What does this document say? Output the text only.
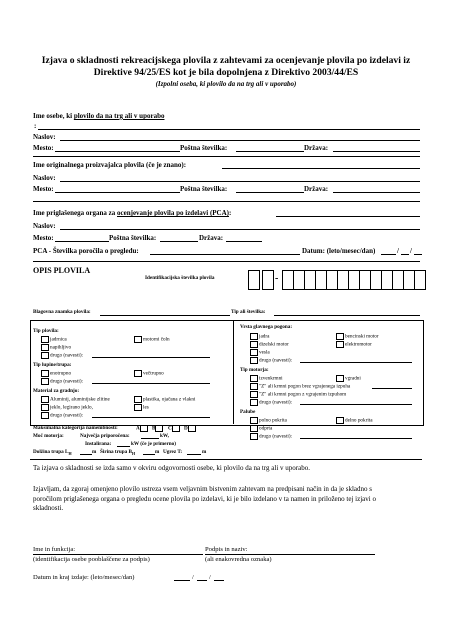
Izjava o skladnosti rekreacijskega plovila z zahtevami za ocenjevanje plovila po izdelavi iz
Direktive 94/25/ES kot je bila dopolnjena z Direktivo 2003/44/ES
(Izpolni oseba, ki plovilo da na trg ali v uporabo)
Ime osebe, ki plovilo da na trg ali v uporabo
:
Naslov:
Mesto:	Poštna številka:	Država:
Ime originalnega proizvajalca plovila (če je znano):
Naslov:
Mesto:	Poštna številka:	Država:
Ime priglašenega organa za ocenjevanje plovila po izdelavi (PCA):
Naslov:
Mesto:	Poštna številka:	Država:
PCA - Številka poročila o pregledu:	Datum: (leto/mesec/dan)	/ /
OPIS PLOVILA
Identifikacijska številka plovila	-
Blagovna znamka plovila:	Tip ali številka:
Tip plovila:
jadrnica	motorni čoln
napihljivo
drugo (navesti):
Tip lupine/trupa:
enotrupno	večtrupno
drugo (navesti):
Material za gradnjo:
Aluminij, aluminijske zlitine	plastika, ojačana z vlakni
jeklo, legirano jeklo,	les
drugo (navesti):
Vrsta glavnega pogona:
jadra	bencinski motor
dizelski motor	elektromotor
vesla
drugo (navesti):
Tip motorja:
izvenkrmni	vgradni
"Z" ali krmni pogon brez vgrajenega izpuha
"Z" ali krmni pogon z vgrajenim izpuhom
drugo (navesti):
Palube
polno pokrita	delno pokrita
Maksimalna kategorija namembnosti:	A	B	C	D
Moč motorja:	Največja priporočena:	kW,
Instalirana:	kW (če je primerno)
Dolžina trupa $L_H$	m Širina trupa $B_H$	m Ugrez T:	m
odprta
drugo (navesti):
Ta izjava o skladnosti se izda samo v okviru odgovornosti osebe, ki plovilo da na trg ali v uporabo.
Izjavljam, da zgoraj omenjeno plovilo ustreza vsem veljavnim bistvenim zahtevam na predpisani način in da je skladno s
poročilom priglašenega organa o pregledu ocene plovila po izdelavi, ki je bilo izdelano v ta namen in priloženo tej izjavi o
skladnosti.
Ime in funkcija:
(identifikacija osebe pooblaščene za podpis)
Podpis in naziv:
(ali enakovredna oznaka)
Datum in kraj izdaje: (leto/mesec/dan)	/ /
